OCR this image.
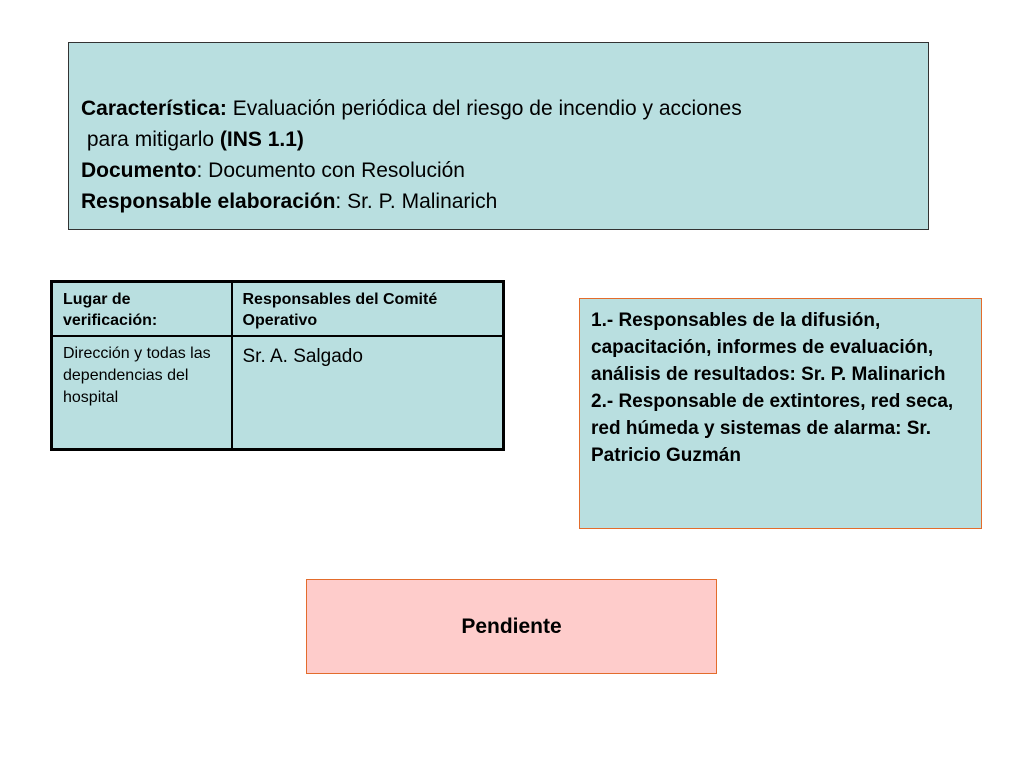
Característica: Evaluación periódica del riesgo de incendio y acciones

para mitigarlo (INS 1.1)

Documento: Documento con Resolución

Responsable elaboración: Sr. P. Malinarich

Lugar de verificación:	Responsables del Comité Operativo
Dirección y todas las dependencias del hospital	Sr. A. Salgado

1.- Responsables de la difusión, capacitación, informes de evaluación, análisis de resultados: Sr. P. Malinarich

2.- Responsable de extintores, red seca, red húmeda y sistemas de alarma: Sr. Patricio Guzmán

Pendiente
